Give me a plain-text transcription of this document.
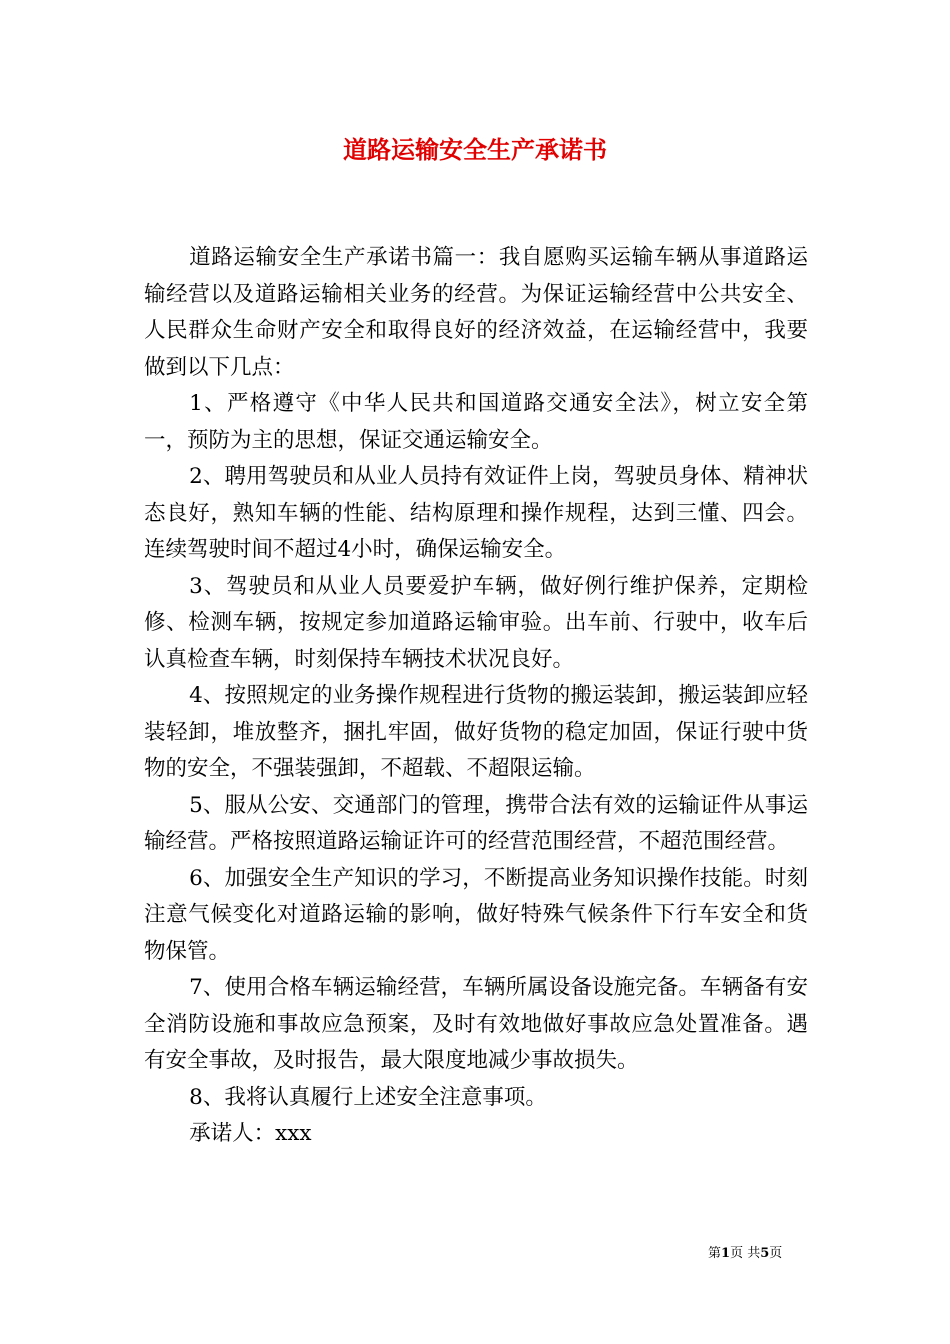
道路运输安全生产承诺书

道路运输安全生产承诺书篇一：我自愿购买运输车辆从事道路运输经营以及道路运输相关业务的经营。为保证运输经营中公共安全、人民群众生命财产安全和取得良好的经济效益，在运输经营中，我要做到以下几点：

1、严格遵守《中华人民共和国道路交通安全法》，树立安全第一，预防为主的思想，保证交通运输安全。

2、聘用驾驶员和从业人员持有效证件上岗，驾驶员身体、精神状态良好，熟知车辆的性能、结构原理和操作规程，达到三懂、四会。连续驾驶时间不超过4小时，确保运输安全。

3、驾驶员和从业人员要爱护车辆，做好例行维护保养，定期检修、检测车辆，按规定参加道路运输审验。出车前、行驶中，收车后认真检查车辆，时刻保持车辆技术状况良好。

4、按照规定的业务操作规程进行货物的搬运装卸，搬运装卸应轻装轻卸，堆放整齐，捆扎牢固，做好货物的稳定加固，保证行驶中货物的安全，不强装强卸，不超载、不超限运输。

5、服从公安、交通部门的管理，携带合法有效的运输证件从事运输经营。严格按照道路运输证许可的经营范围经营，不超范围经营。

6、加强安全生产知识的学习，不断提高业务知识操作技能。时刻注意气候变化对道路运输的影响，做好特殊气候条件下行车安全和货物保管。

7、使用合格车辆运输经营，车辆所属设备设施完备。车辆备有安全消防设施和事故应急预案，及时有效地做好事故应急处置准备。遇有安全事故，及时报告，最大限度地减少事故损失。

8、我将认真履行上述安全注意事项。

承诺人：xxx

第1页 共5页
